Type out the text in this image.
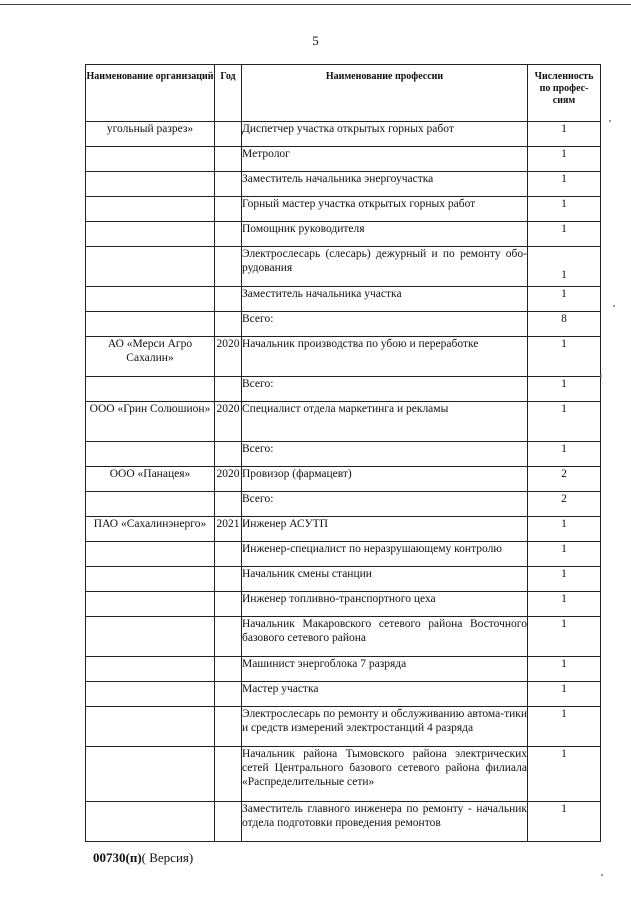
5
Наименование организаций	Год	Наименование профессии	Численность по профес-сиям
угольный разрез»		Диспетчер участка открытых горных работ	1
		Метролог	1
		Заместитель начальника энергоучастка	1
		Горный мастер участка открытых горных работ	1
		Помощник руководителя	1
		Электрослесарь (слесарь) дежурный и по ремонту обо-рудования	1
		Заместитель начальника участка	1
		Всего:	8
АО «Мерси Агро Сахалин»	2020	Начальник производства по убою и переработке	1
		Всего:	1
ООО «Грин Солюшион»	2020	Специалист отдела маркетинга и рекламы	1
		Всего:	1
ООО «Панацея»	2020	Провизор (фармацевт)	2
		Всего:	2
ПАО «Сахалинэнерго»	2021	Инженер АСУТП	1
		Инженер-специалист по неразрушающему контролю	1
		Начальник смены станции	1
		Инженер топливно-транспортного цеха	1
		Начальник Макаровского сетевого района Восточного базового сетевого района	1
		Машинист энергоблока 7 разряда	1
		Мастер участка	1
		Электрослесарь по ремонту и обслуживанию автома-тики и средств измерений электростанций 4 разряда	1
		Начальник района Тымовского района электрических сетей Центрального базового сетевого района филиала «Распределительные сети»	1
		Заместитель главного инженера по ремонту - начальник отдела подготовки проведения ремонтов	1
00730(п)( Версия)
